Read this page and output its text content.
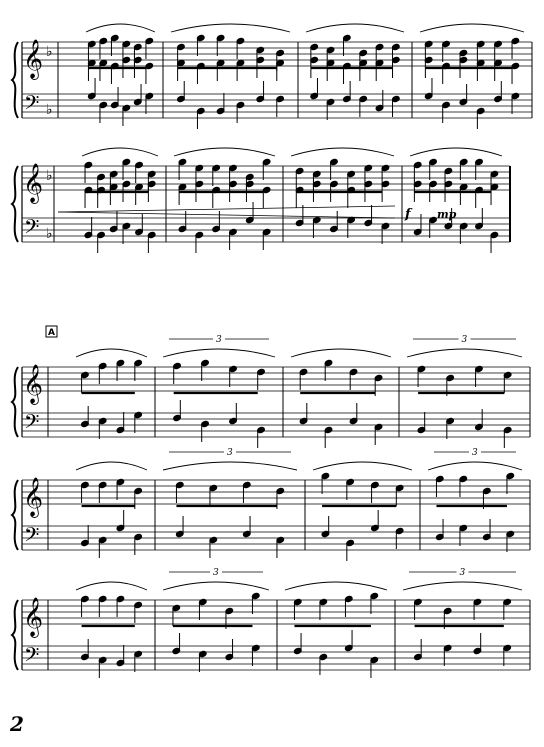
𝄞
𝄢
♭
♭
𝄞
𝄢
♭
♭
𝄞
𝄢
3	3
𝄞
𝄢
3	3
𝄞
𝄢
3	3
f mp
A
2
